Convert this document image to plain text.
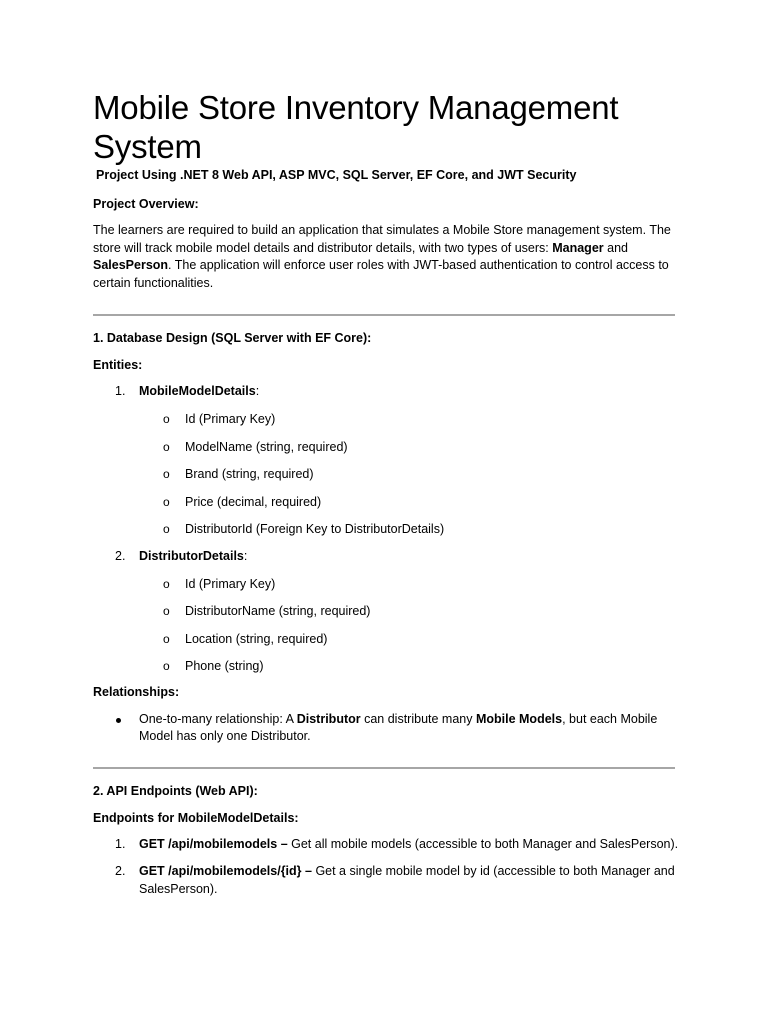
Mobile Store Inventory Management System

Project Using .NET 8 Web API, ASP MVC, SQL Server, EF Core, and JWT Security

Project Overview:

The learners are required to build an application that simulates a Mobile Store management system. The store will track mobile model details and distributor details, with two types of users: Manager and SalesPerson. The application will enforce user roles with JWT-based authentication to control access to certain functionalities.

1. Database Design (SQL Server with EF Core):

Entities:

1. MobileModelDetails:
o Id (Primary Key)
o ModelName (string, required)
o Brand (string, required)
o Price (decimal, required)
o DistributorId (Foreign Key to DistributorDetails)
2. DistributorDetails:
o Id (Primary Key)
o DistributorName (string, required)
o Location (string, required)
o Phone (string)

Relationships:

One-to-many relationship: A Distributor can distribute many Mobile Models, but each Mobile Model has only one Distributor.

2. API Endpoints (Web API):

Endpoints for MobileModelDetails:

1. GET /api/mobilemodels – Get all mobile models (accessible to both Manager and SalesPerson).
2. GET /api/mobilemodels/{id} – Get a single mobile model by id (accessible to both Manager and SalesPerson).
